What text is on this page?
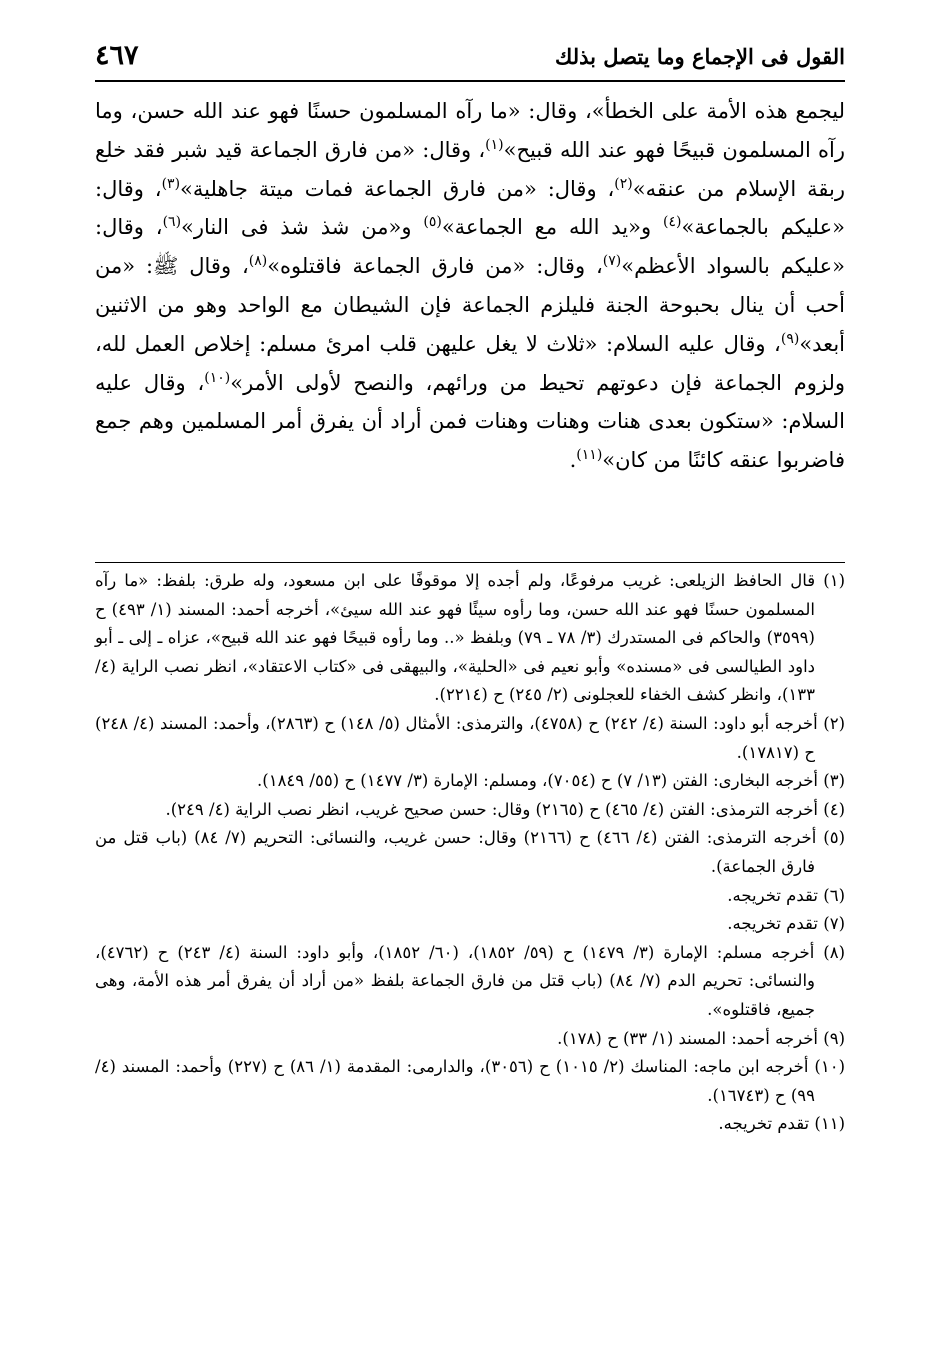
القول فى الإجماع وما يتصل بذلك
٤٦٧

ليجمع هذه الأمة على الخطأ»، وقال: «ما رآه المسلمون حسنًا فهو عند الله حسن، وما رآه المسلمون قبيحًا فهو عند الله قبيح»$^{(١)}$، وقال: «من فارق الجماعة قيد شبر فقد خلع ربقة الإسلام من عنقه»$^{(٢)}$، وقال: «من فارق الجماعة فمات ميتة جاهلية»$^{(٣)}$، وقال: «عليكم بالجماعة»$^{(٤)}$ و«يد الله مع الجماعة»$^{(٥)}$ و«من شذ شذ فى النار»$^{(٦)}$، وقال: «عليكم بالسواد الأعظم»$^{(٧)}$، وقال: «من فارق الجماعة فاقتلوه»$^{(٨)}$، وقال ﷺ: «من أحب أن ينال بحبوحة الجنة فليلزم الجماعة فإن الشيطان مع الواحد وهو من الاثنين أبعد»$^{(٩)}$، وقال عليه السلام: «ثلاث لا يغل عليهن قلب امرئ مسلم: إخلاص العمل لله، ولزوم الجماعة فإن دعوتهم تحيط من ورائهم، والنصح لأولى الأمر»$^{(١٠)}$، وقال عليه السلام: «ستكون بعدى هنات وهنات وهنات فمن أراد أن يفرق أمر المسلمين وهم جمع فاضربوا عنقه كائنًا من كان»$^{(١١)}$.

(١) قال الحافظ الزيلعى: غريب مرفوعًا، ولم أجده إلا موقوفًا على ابن مسعود، وله طرق: بلفظ: «ما رآه المسلمون حسنًا فهو عند الله حسن، وما رأوه سيئًا فهو عند الله سيئ»، أخرجه أحمد: المسند (١/ ٤٩٣) ح (٣٥٩٩) والحاكم فى المستدرك (٣/ ٧٨ ـ ٧٩) وبلفظ «.. وما رأوه قبيحًا فهو عند الله قبيح»، عزاه ـ إلى ـ أبو داود الطيالسى فى «مسنده» وأبو نعيم فى «الحلية»، والبيهقى فى «كتاب الاعتقاد»، انظر نصب الراية (٤/ ١٣٣)، وانظر كشف الخفاء للعجلونى (٢/ ٢٤٥) ح (٢٢١٤).
(٢) أخرجه أبو داود: السنة (٤/ ٢٤٢) ح (٤٧٥٨)، والترمذى: الأمثال (٥/ ١٤٨) ح (٢٨٦٣)، وأحمد: المسند (٤/ ٢٤٨) ح (١٧٨١٧).
(٣) أخرجه البخارى: الفتن (١٣/ ٧) ح (٧٠٥٤)، ومسلم: الإمارة (٣/ ١٤٧٧) ح (٥٥/ ١٨٤٩).
(٤) أخرجه الترمذى: الفتن (٤/ ٤٦٥) ح (٢١٦٥) وقال: حسن صحيح غريب، انظر نصب الراية (٤/ ٢٤٩).
(٥) أخرجه الترمذى: الفتن (٤/ ٤٦٦) ح (٢١٦٦) وقال: حسن غريب، والنسائى: التحريم (٧/ ٨٤) (باب قتل من فارق الجماعة).
(٦) تقدم تخريجه.
(٧) تقدم تخريجه.
(٨) أخرجه مسلم: الإمارة (٣/ ١٤٧٩) ح (٥٩/ ١٨٥٢)، (٦٠/ ١٨٥٢)، وأبو داود: السنة (٤/ ٢٤٣) ح (٤٧٦٢)، والنسائى: تحريم الدم (٧/ ٨٤) (باب قتل من فارق الجماعة بلفظ «من أراد أن يفرق أمر هذه الأمة، وهى جميع، فاقتلوه».
(٩) أخرجه أحمد: المسند (١/ ٣٣) ح (١٧٨).
(١٠) أخرجه ابن ماجه: المناسك (٢/ ١٠١٥) ح (٣٠٥٦)، والدارمى: المقدمة (١/ ٨٦) ح (٢٢٧) وأحمد: المسند (٤/ ٩٩) ح (١٦٧٤٣).
(١١) تقدم تخريجه.
